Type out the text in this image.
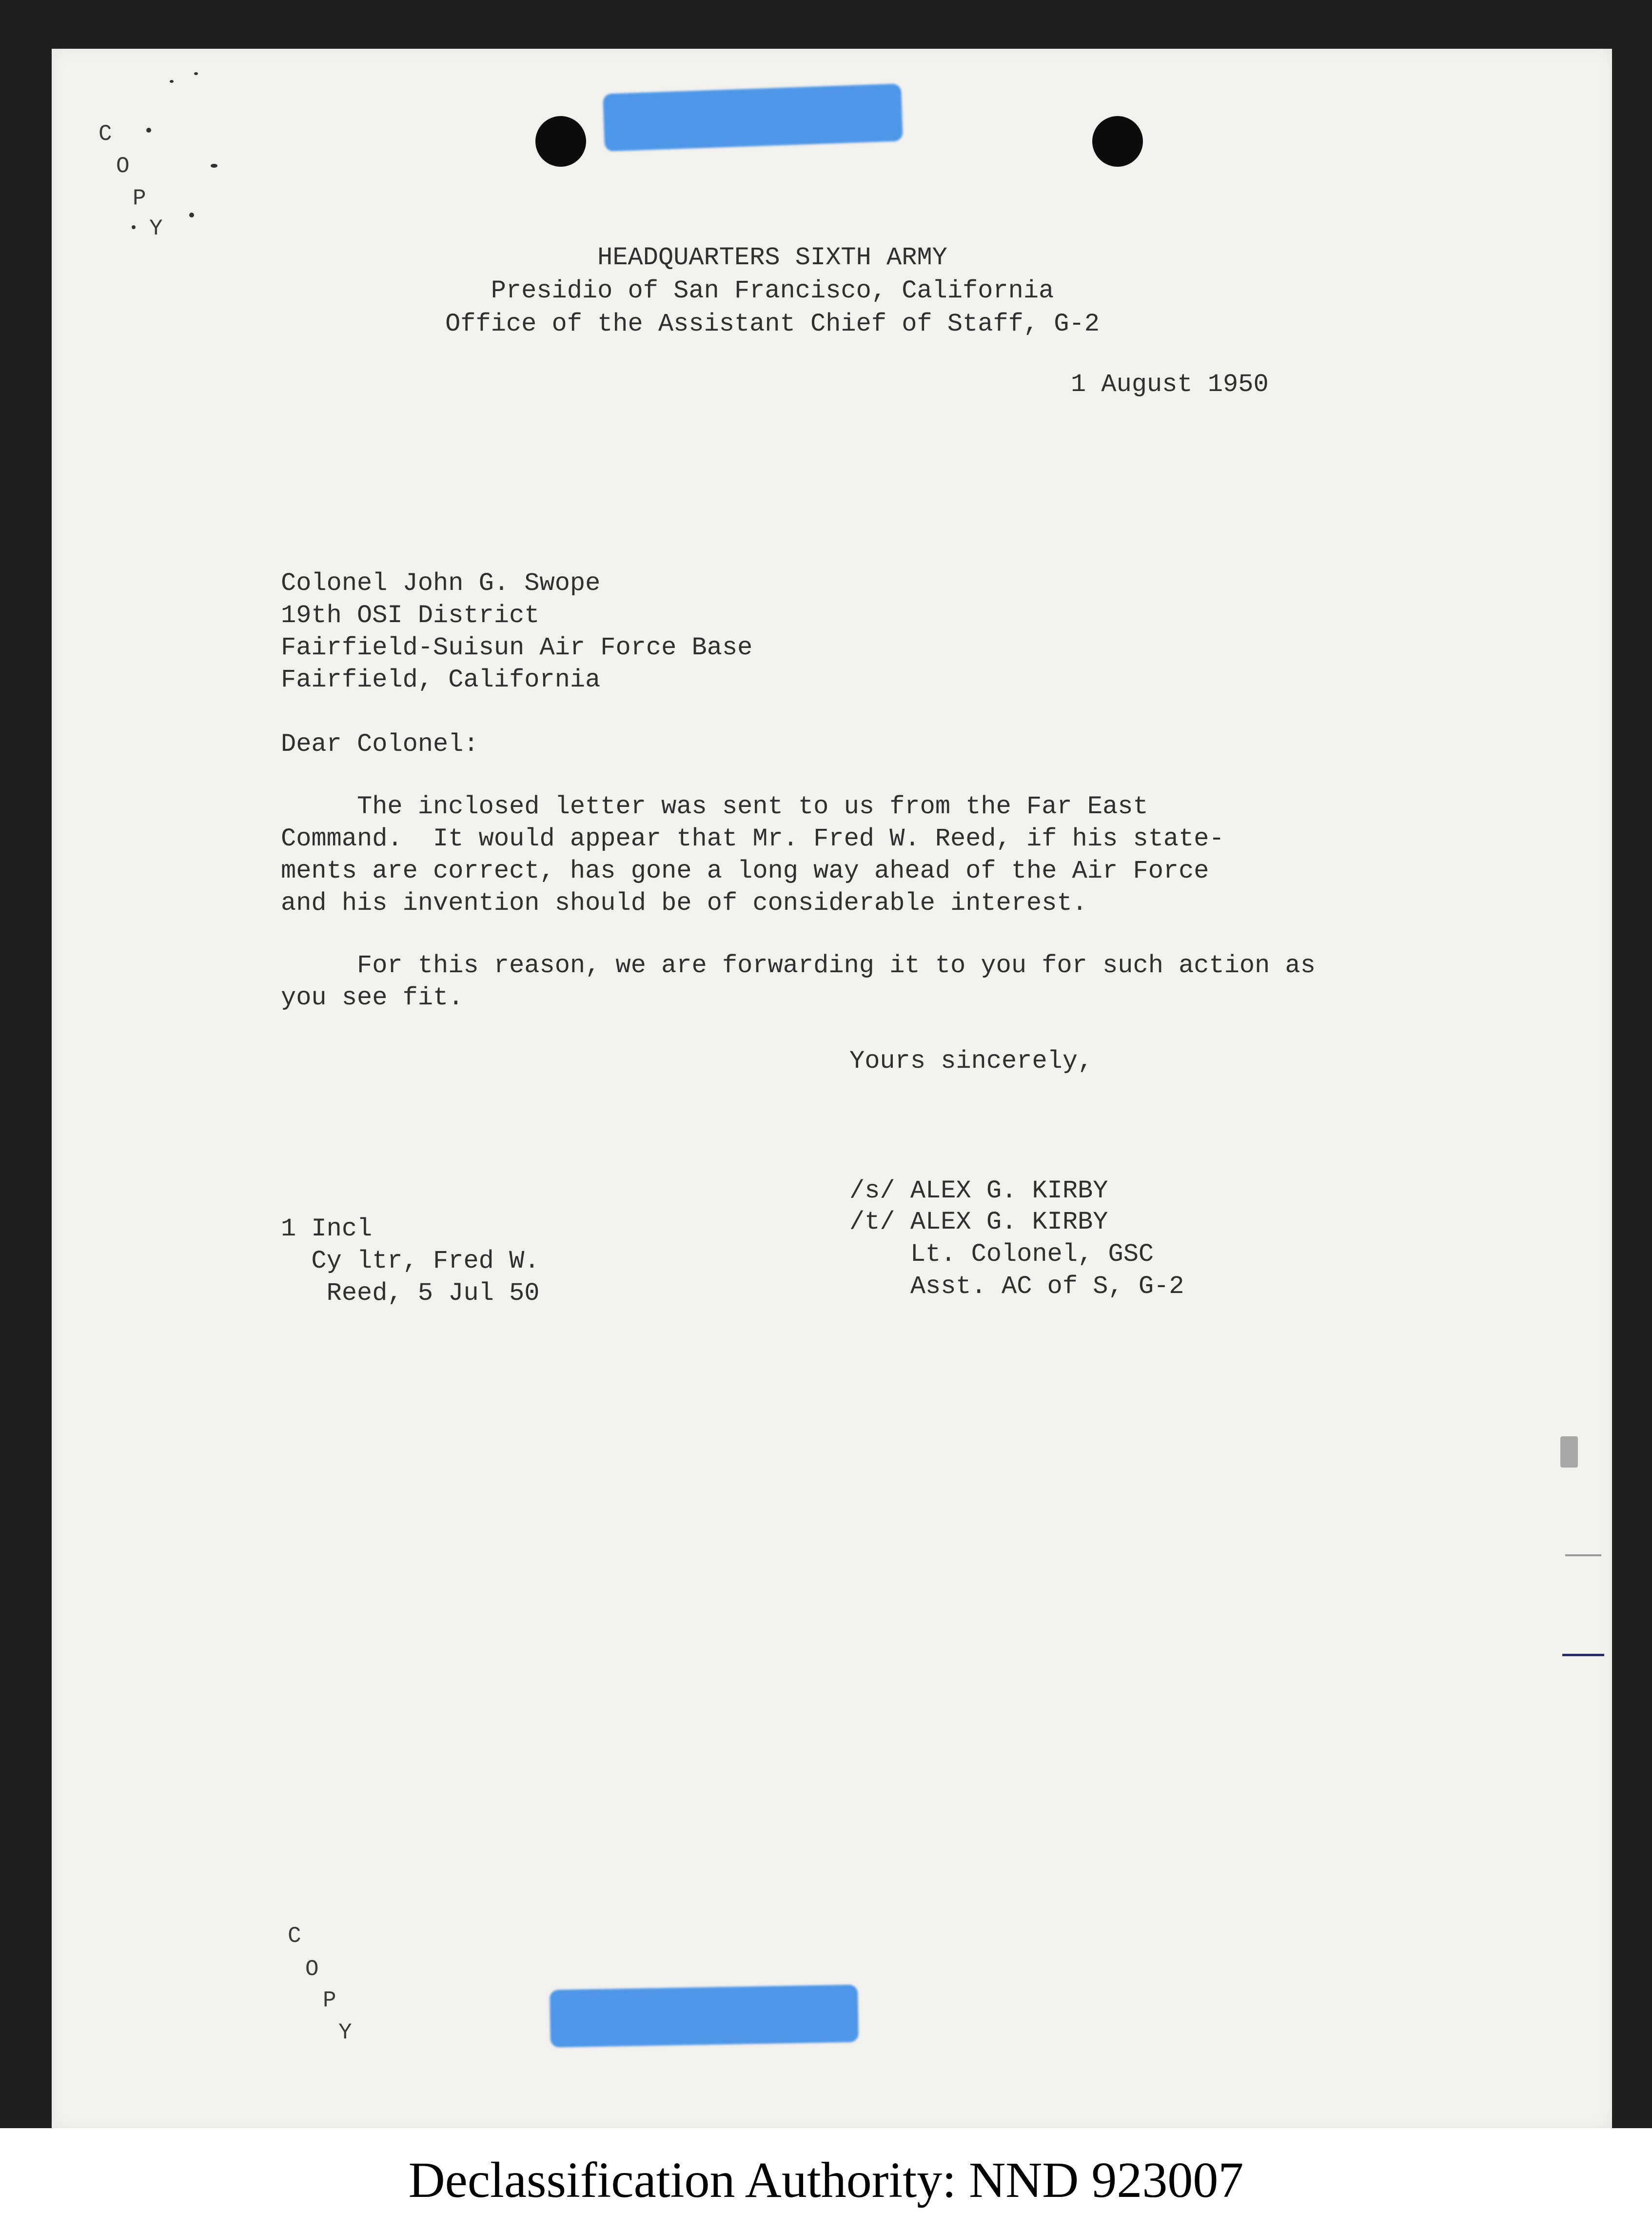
C
O
P
Y
HEADQUARTERS SIXTH ARMY
Presidio of San Francisco, California
Office of the Assistant Chief of Staff, G-2
1 August 1950
Colonel John G. Swope
19th OSI District
Fairfield-Suisun Air Force Base
Fairfield, California
Dear Colonel:
The inclosed letter was sent to us from the Far East
Command.  It would appear that Mr. Fred W. Reed, if his state-
ments are correct, has gone a long way ahead of the Air Force
and his invention should be of considerable interest.
For this reason, we are forwarding it to you for such action as
you see fit.
Yours sincerely,
/s/ ALEX G. KIRBY
/t/ ALEX G. KIRBY
Lt. Colonel, GSC
Asst. AC of S, G-2
1 Incl
Cy ltr, Fred W.
Reed, 5 Jul 50
C
O
P
Y
Declassification Authority: NND 923007
